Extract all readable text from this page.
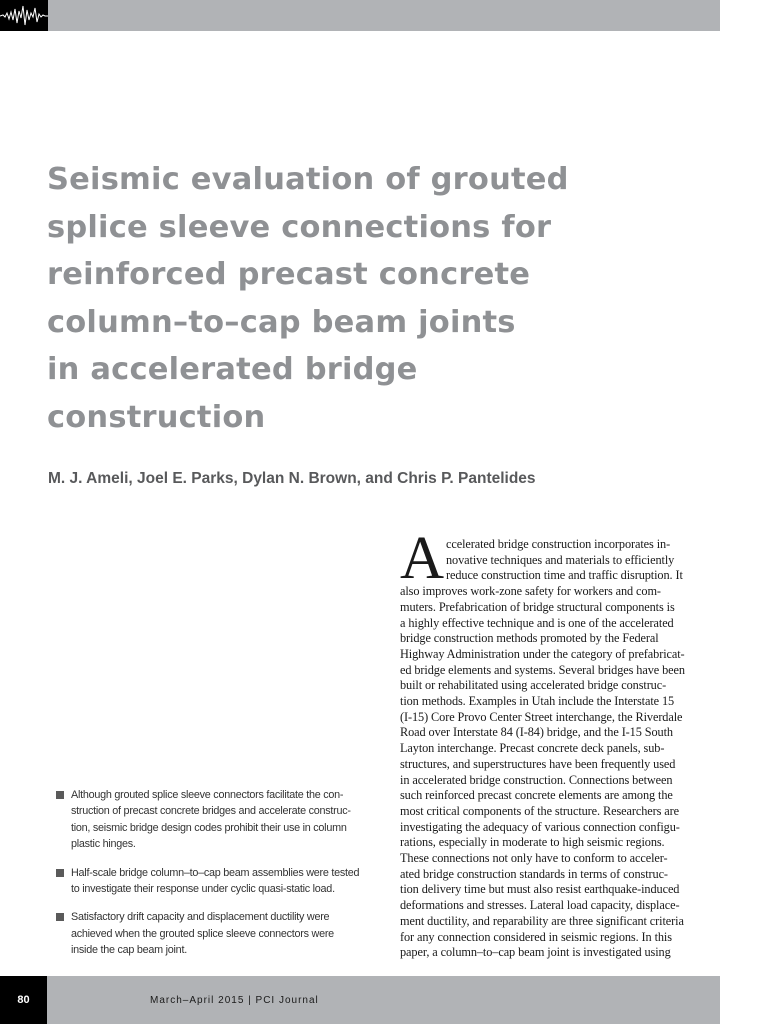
Seismic evaluation of grouted
splice sleeve connections for
reinforced precast concrete
column–to–cap beam joints
in accelerated bridge
construction

M. J. Ameli, Joel E. Parks, Dylan N. Brown, and Chris P. Pantelides

Although grouted splice sleeve connectors facilitate the con-
struction of precast concrete bridges and accelerate construc-
tion, seismic bridge design codes prohibit their use in column
plastic hinges.
Half-scale bridge column–to–cap beam assemblies were tested
to investigate their response under cyclic quasi-static load.
Satisfactory drift capacity and displacement ductility were
achieved when the grouted splice sleeve connectors were
inside the cap beam joint.
A ccelerated bridge construction incorporates in-
novative techniques and materials to efficiently
reduce construction time and traffic disruption. It
also improves work-zone safety for workers and com-
muters. Prefabrication of bridge structural components is
a highly effective technique and is one of the accelerated
bridge construction methods promoted by the Federal
Highway Administration under the category of prefabricat-
ed bridge elements and systems. Several bridges have been
built or rehabilitated using accelerated bridge construc-
tion methods. Examples in Utah include the Interstate 15
(I-15) Core Provo Center Street interchange, the Riverdale
Road over Interstate 84 (I-84) bridge, and the I-15 South
Layton interchange. Precast concrete deck panels, sub-
structures, and superstructures have been frequently used
in accelerated bridge construction. Connections between
such reinforced precast concrete elements are among the
most critical components of the structure. Researchers are
investigating the adequacy of various connection configu-
rations, especially in moderate to high seismic regions.
These connections not only have to conform to acceler-
ated bridge construction standards in terms of construc-
tion delivery time but must also resist earthquake-induced
deformations and stresses. Lateral load capacity, displace-
ment ductility, and reparability are three significant criteria
for any connection considered in seismic regions. In this
paper, a column–to–cap beam joint is investigated using
80	March–April 2015 | PCI Journal
